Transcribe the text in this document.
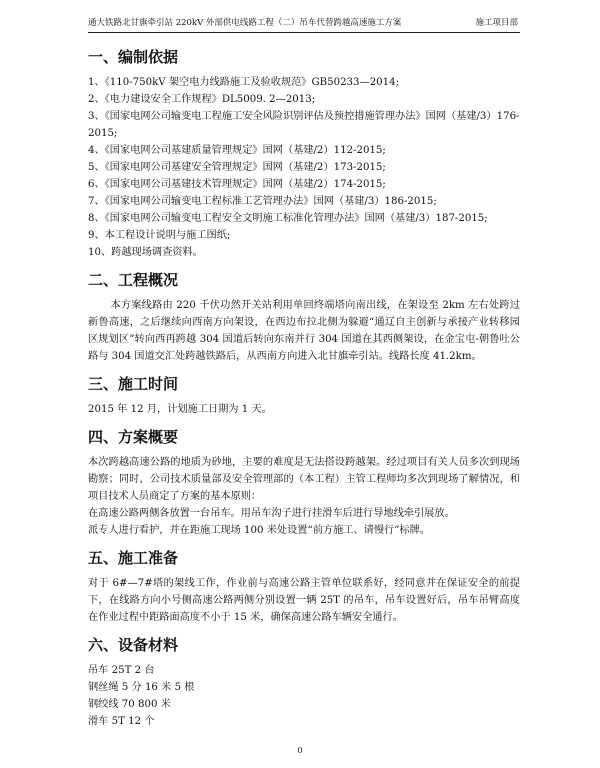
通大铁路北甘旗牵引站 220kV 外部供电线路工程（二）吊车代替跨越高速施工方案	施工项目部
一、编制依据
1、《110-750kV 架空电力线路施工及验收规范》GB50233—2014;
2、《电力建设安全工作规程》DL5009. 2—2013;
3、《国家电网公司输变电工程施工安全风险识别评估及预控措施管理办法》国网（基建/3）176-2015;
4、《国家电网公司基建质量管理规定》国网（基建/2）112-2015;
5、《国家电网公司基建安全管理规定》国网（基建/2）173-2015;
6、《国家电网公司基建技术管理规定》国网（基建/2）174-2015;
7、《国家电网公司输变电工程标准工艺管理办法》国网（基建/3）186-2015;
8、《国家电网公司输变电工程安全文明施工标准化管理办法》国网（基建/3）187-2015;
9、本工程设计说明与施工图纸;
10、跨越现场调查资料。
二、工程概况

本方案线路由 220 千伏功然开关站利用单回终端塔向南出线，在架设至 2km 左右处跨过新鲁高速，之后继续向西南方向架设，在西边布拉北侧为躲避“通辽自主创新与承接产业转移园区规划区”转向西再跨越 304 国道后转向东南并行 304 国道在其西侧架设，在金宝屯-朝鲁吐公路与 304 国道交汇处跨越铁路后，从西南方向进入北甘旗牵引站。线路长度 41.2km。

三、施工时间

2015 年 12 月，计划施工日期为 1 天。

四、方案概要

本次跨越高速公路的地质为砂地，主要的难度是无法搭设跨越架。经过项目有关人员多次到现场勘察；同时，公司技术质量部及安全管理部的（本工程）主管工程师均多次到现场了解情况，和项目技术人员商定了方案的基本原则：

在高速公路两侧各放置一台吊车。用吊车沟子进行挂滑车后进行导地线牵引展放。

派专人进行看护，并在距施工现场 100 米处设置“前方施工、请慢行”标牌。

五、施工准备

对于 6#—7#塔的架线工作，作业前与高速公路主管单位联系好，经同意并在保证安全的前提下，在线路方向小号侧高速公路两侧分别设置一辆 25T 的吊车，吊车设置好后，吊车吊臂高度在作业过程中距路面高度不小于 15 米，确保高速公路车辆安全通行。

六、设备材料
吊车 25T 2 台
钢丝绳 5 分 16 米 5 根
钢绞线 70 800 米
滑车 5T 12 个
0
